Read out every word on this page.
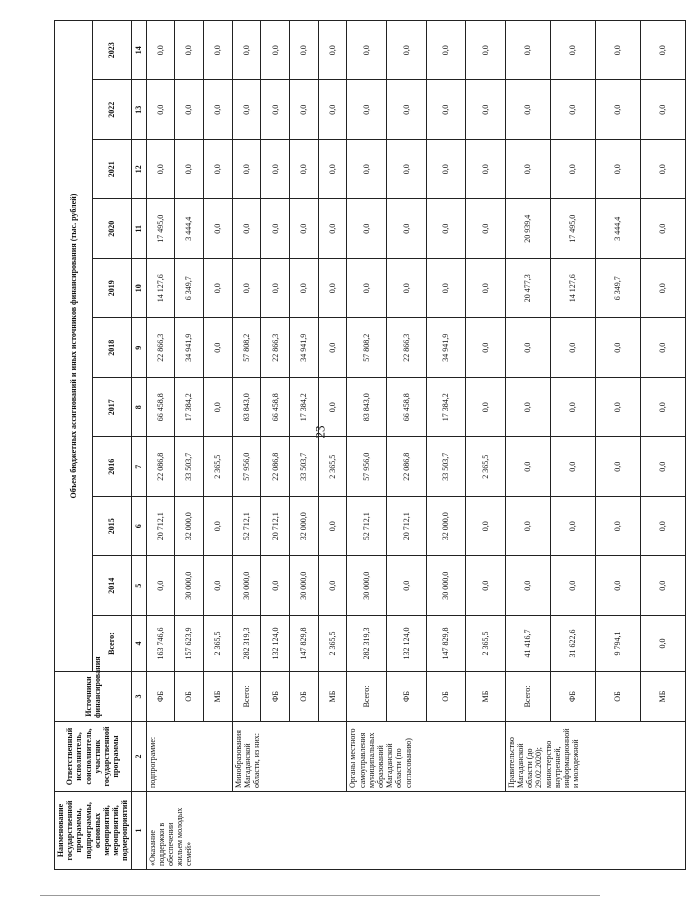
23
Наименование государственной программы, подпрограммы, основных мероприятий, мероприятий, подмероприятий	Ответственный исполнитель, соисполнитель, участник государственной программы	Источники финансирования	Объем бюджетных ассигнований и иных источников финансирования (тыс. рублей)										
			Всего:	2014	2015	2016	2017	2018	2019	2020	2021	2022	2023
1	2	3	4	5	6	7	8	9	10	11	12	13	14
«Оказание поддержки в обеспечении жильем молодых семей»	подпрограмме:	ФБ	163 746,6	0,0	20 712,1	22 086,8	66 458,8	22 866,3	14 127,6	17 495,0	0,0	0,0	0,0
		ОБ	157 623,9	30 000,0	32 000,0	33 503,7	17 384,2	34 941,9	6 349,7	3 444,4	0,0	0,0	0,0
		МБ	2 365,5	0,0	0,0	2 365,5	0,0	0,0	0,0	0,0	0,0	0,0	0,0
	Минобразования Магаданской области, из них:	Всего:	282 319,3	30 000,0	52 712,1	57 956,0	83 843,0	57 808,2	0,0	0,0	0,0	0,0	0,0
		ФБ	132 124,0	0,0	20 712,1	22 086,8	66 458,8	22 866,3	0,0	0,0	0,0	0,0	0,0
		ОБ	147 829,8	30 000,0	32 000,0	33 503,7	17 384,2	34 941,9	0,0	0,0	0,0	0,0	0,0
		МБ	2 365,5	0,0	0,0	2 365,5	0,0	0,0	0,0	0,0	0,0	0,0	0,0
	Органы местного самоуправления муниципальных образований Магаданской области (по согласованию)	Всего:	282 319,3	30 000,0	52 712,1	57 956,0	83 843,0	57 808,2	0,0	0,0	0,0	0,0	0,0
		ФБ	132 124,0	0,0	20 712,1	22 086,8	66 458,8	22 866,3	0,0	0,0	0,0	0,0	0,0
		ОБ	147 829,8	30 000,0	32 000,0	33 503,7	17 384,2	34 941,9	0,0	0,0	0,0	0,0	0,0
		МБ	2 365,5	0,0	0,0	2 365,5	0,0	0,0	0,0	0,0	0,0	0,0	0,0
	Правительство Магаданской области (до 29.02.2020); министерство внутренней, информационной и молодежной	Всего:	41 416,7	0,0	0,0	0,0	0,0	0,0	20 477,3	20 939,4	0,0	0,0	0,0
		ФБ	31 622,6	0,0	0,0	0,0	0,0	0,0	14 127,6	17 495,0	0,0	0,0	0,0
		ОБ	9 794,1	0,0	0,0	0,0	0,0	0,0	6 349,7	3 444,4	0,0	0,0	0,0
		МБ	0,0	0,0	0,0	0,0	0,0	0,0	0,0	0,0	0,0	0,0	0,0
